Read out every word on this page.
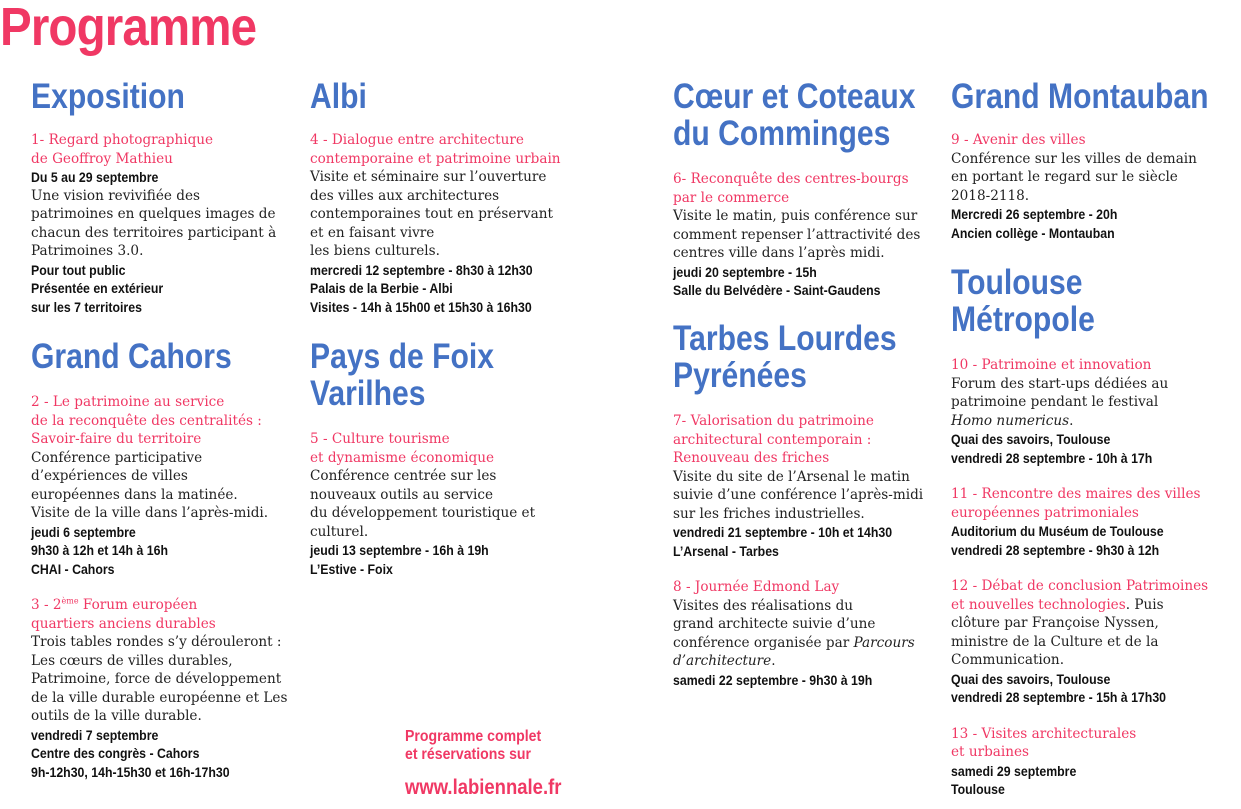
Programme
Exposition
1- Regard photographique
de Geoffroy Mathieu
Du 5 au 29 septembre
Une vision revivifiée des
patrimoines en quelques images de
chacun des territoires participant à
Patrimoines 3.0.
Pour tout public
Présentée en extérieur
sur les 7 territoires
Grand Cahors
2 - Le patrimoine au service
de la reconquête des centralités :
Savoir-faire du territoire
Conférence participative
d’expériences de villes
européennes dans la matinée.
Visite de la ville dans l’après-midi.
jeudi 6 septembre
9h30 à 12h et 14h à 16h
CHAI - Cahors
3 - 2ème Forum européen
quartiers anciens durables
Trois tables rondes s’y dérouleront :
Les cœurs de villes durables,
Patrimoine, force de développement
de la ville durable européenne et Les
outils de la ville durable.
vendredi 7 septembre
Centre des congrès - Cahors
9h-12h30, 14h-15h30 et 16h-17h30
Albi
4 - Dialogue entre architecture
contemporaine et patrimoine urbain
Visite et séminaire sur l’ouverture
des villes aux architectures
contemporaines tout en préservant
et en faisant vivre
les biens culturels.
mercredi 12 septembre - 8h30 à 12h30
Palais de la Berbie - Albi
Visites - 14h à 15h00 et 15h30 à 16h30
Pays de Foix
Varilhes
5 - Culture tourisme
et dynamisme économique
Conférence centrée sur les
nouveaux outils au service
du développement touristique et
culturel.
jeudi 13 septembre - 16h à 19h
L’Estive - Foix
Programme complet
et réservations sur
www.labiennale.fr
Cœur et Coteaux
du Comminges
6- Reconquête des centres-bourgs
par le commerce
Visite le matin, puis conférence sur
comment repenser l’attractivité des
centres ville dans l’après midi.
jeudi 20 septembre - 15h
Salle du Belvédère - Saint-Gaudens
Tarbes Lourdes
Pyrénées
7- Valorisation du patrimoine
architectural contemporain :
Renouveau des friches
Visite du site de l’Arsenal le matin
suivie d’une conférence l’après-midi
sur les friches industrielles.
vendredi 21 septembre - 10h et 14h30
L’Arsenal - Tarbes
8 - Journée Edmond Lay
Visites des réalisations du
grand architecte suivie d’une
conférence organisée par Parcours
d’architecture.
samedi 22 septembre - 9h30 à 19h
Grand Montauban
9 - Avenir des villes
Conférence sur les villes de demain
en portant le regard sur le siècle
2018-2118.
Mercredi 26 septembre - 20h
Ancien collège - Montauban
Toulouse
Métropole
10 - Patrimoine et innovation
Forum des start-ups dédiées au
patrimoine pendant le festival
Homo numericus.
Quai des savoirs, Toulouse
vendredi 28 septembre - 10h à 17h
11 - Rencontre des maires des villes
européennes patrimoniales
Auditorium du Muséum de Toulouse
vendredi 28 septembre - 9h30 à 12h
12 - Débat de conclusion Patrimoines
et nouvelles technologies. Puis
clôture par Françoise Nyssen,
ministre de la Culture et de la
Communication.
Quai des savoirs, Toulouse
vendredi 28 septembre - 15h à 17h30
13 - Visites architecturales
et urbaines
samedi 29 septembre
Toulouse
